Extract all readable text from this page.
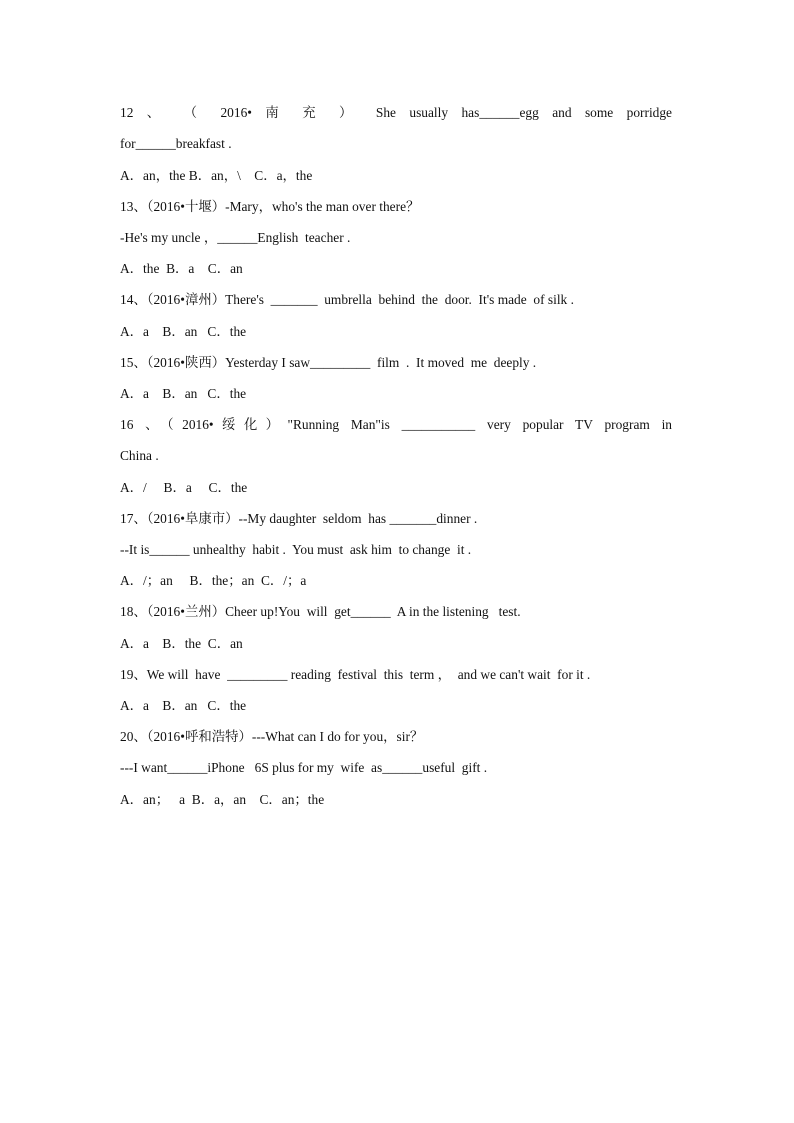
12 、 （ 2016• 南 充 ） She usually has______egg and some porridge
for______breakfast .
A．an，the B．an，\    C．a，the
13、（2016•十堰）-Mary，who's the man over there？
-He's my uncle ，______English  teacher .
A．the  B．a    C．an
14、（2016•漳州）There's  _______  umbrella  behind  the  door.  It's made  of silk .
A．a    B．an   C．the
15、（2016•陕西）Yesterday I saw_________  film  .  It moved  me  deeply .
A．a    B．an   C．the
16 、（2016•绥化）"Running Man"is ___________ very popular TV program in
China .
A．/     B．a     C．the
17、（2016•阜康市）--My daughter  seldom  has _______dinner .
--It is______ unhealthy  habit .  You must  ask him  to change  it .
A．/；an     B．the；an  C．/；a
18、（2016•兰州）Cheer up!You  will  get______  A in the listening   test.
A．a    B．the  C．an
19、We will  have  _________ reading  festival  this  term ，  and we can't wait  for it .
A．a    B．an   C．the
20、（2016•呼和浩特）---What can I do for you，sir？
---I want______iPhone   6S plus for my  wife  as______useful  gift .
A．an；   a  B．a，an    C．an；the
